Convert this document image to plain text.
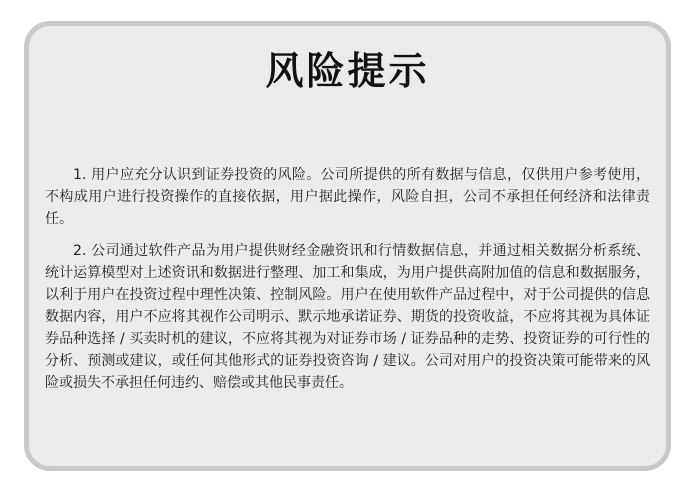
风险提示

1. 用户应充分认识到证券投资的风险。公司所提供的所有数据与信息，仅供用户参考使用，不构成用户进行投资操作的直接依据，用户据此操作，风险自担，公司不承担任何经济和法律责任。

2. 公司通过软件产品为用户提供财经金融资讯和行情数据信息，并通过相关数据分析系统、统计运算模型对上述资讯和数据进行整理、加工和集成，为用户提供高附加值的信息和数据服务，以利于用户在投资过程中理性决策、控制风险。用户在使用软件产品过程中，对于公司提供的信息数据内容，用户不应将其视作公司明示、默示地承诺证券、期货的投资收益，不应将其视为具体证券品种选择 / 买卖时机的建议，不应将其视为对证券市场 / 证券品种的走势、投资证券的可行性的分析、预测或建议，或任何其他形式的证券投资咨询 / 建议。公司对用户的投资决策可能带来的风险或损失不承担任何违约、赔偿或其他民事责任。
